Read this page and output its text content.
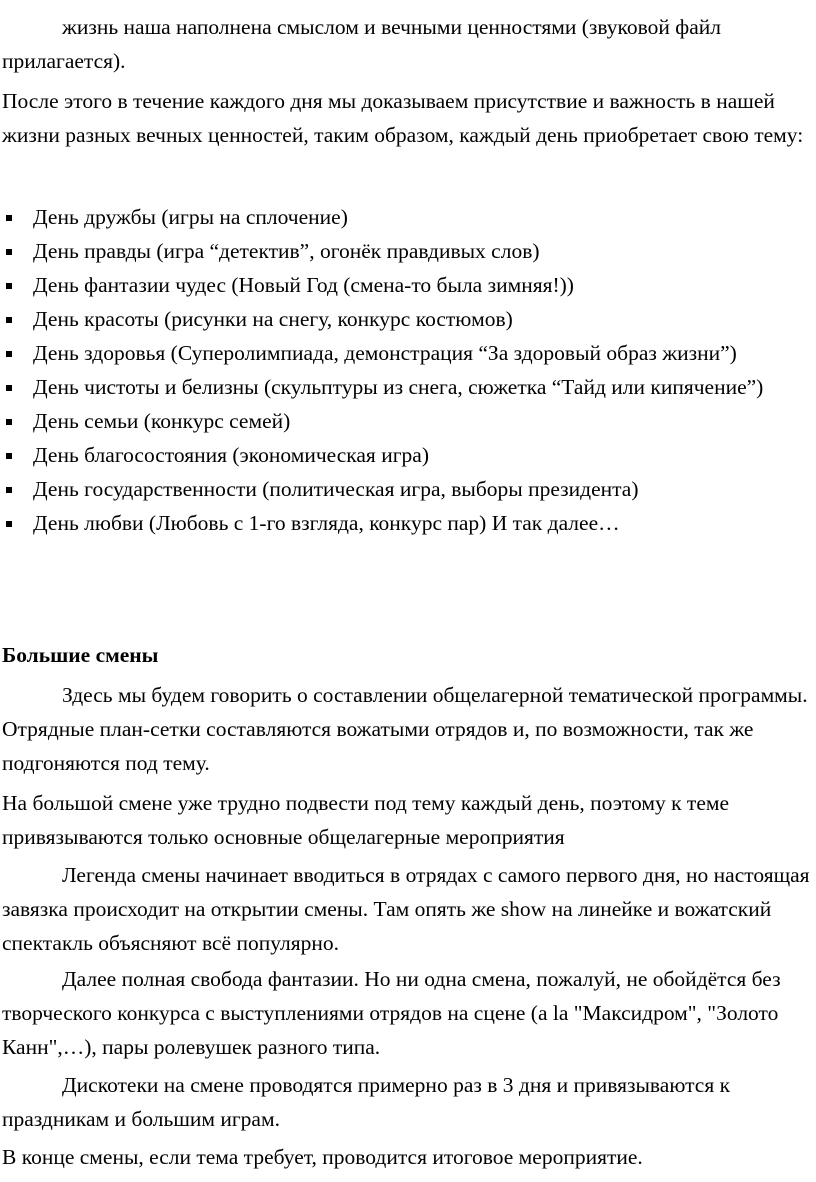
жизнь наша наполнена смыслом и вечными ценностями (звуковой файл прилагается).

После этого в течение каждого дня мы доказываем присутствие и важность в нашей жизни разных вечных ценностей, таким образом, каждый день приобретает свою тему:

День дружбы (игры на сплочение)
День правды (игра “детектив”, огонёк правдивых слов)
День фантазии чудес (Новый Год (смена-то была зимняя!))
День красоты (рисунки на снегу, конкурс костюмов)
День здоровья (Суперолимпиада, демонстрация “За здоровый образ жизни”)
День чистоты и белизны (скульптуры из снега, сюжетка “Тайд или кипячение”)
День семьи (конкурс семей)
День благосостояния (экономическая игра)
День государственности (политическая игра, выборы президента)
День любви (Любовь с 1-го взгляда, конкурс пар) И так далее…
Большие смены

Здесь мы будем говорить о составлении общелагерной тематической программы. Отрядные план-сетки составляются вожатыми отрядов и, по возможности, так же подгоняются под тему.

На большой смене уже трудно подвести под тему каждый день, поэтому к теме привязываются только основные общелагерные мероприятия

Легенда смены начинает вводиться в отрядах с самого первого дня, но настоящая завязка происходит на открытии смены. Там опять же show на линейке и вожатский спектакль объясняют всё популярно.

Далее полная свобода фантазии. Но ни одна смена, пожалуй, не обойдётся без творческого конкурса с выступлениями отрядов на сцене (a la "Максидром", "Золото Канн",…), пары ролевушек разного типа.

Дискотеки на смене проводятся примерно раз в 3 дня и привязываются к праздникам и большим играм.

В конце смены, если тема требует, проводится итоговое мероприятие.
